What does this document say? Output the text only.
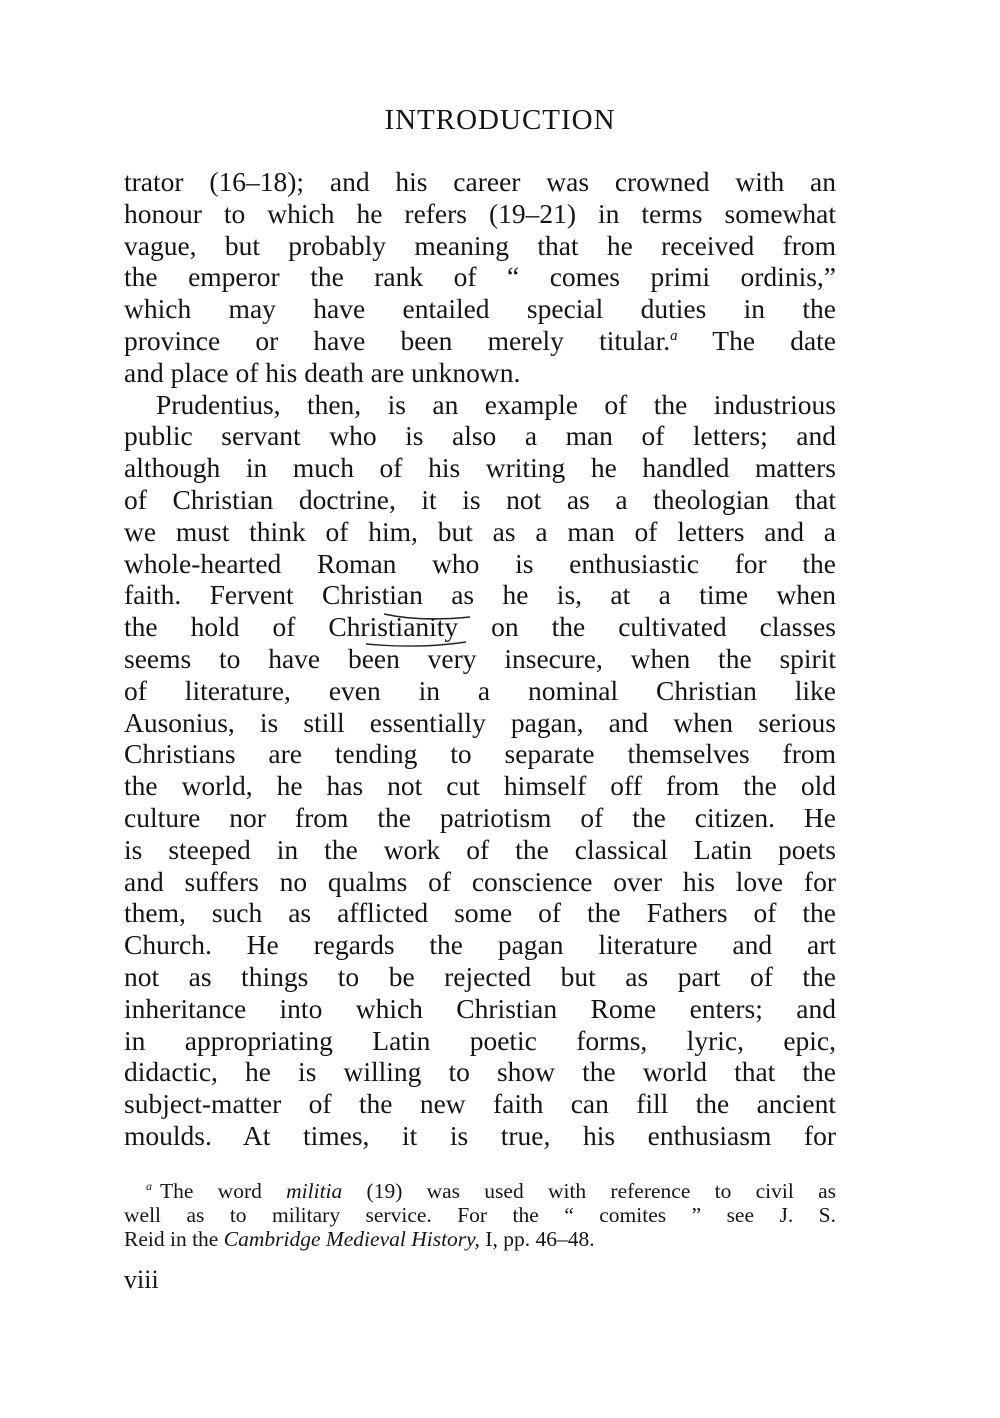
INTRODUCTION
trator (16–18); and his career was crowned with an
honour to which he refers (19–21) in terms somewhat
vague, but probably meaning that he received from
the emperor the rank of “ comes primi ordinis,”
which may have entailed special duties in the
province or have been merely titular.$^a$ The date
and place of his death are unknown.
Prudentius, then, is an example of the industrious
public servant who is also a man of letters; and
although in much of his writing he handled matters
of Christian doctrine, it is not as a theologian that
we must think of him, but as a man of letters and a
whole-hearted Roman who is enthusiastic for the
faith. Fervent Christian as he is, at a time when
the hold of Christianity on the cultivated classes
seems to have been very insecure, when the spirit
of literature, even in a nominal Christian like
Ausonius, is still essentially pagan, and when serious
Christians are tending to separate themselves from
the world, he has not cut himself off from the old
culture nor from the patriotism of the citizen. He
is steeped in the work of the classical Latin poets
and suffers no qualms of conscience over his love for
them, such as afflicted some of the Fathers of the
Church. He regards the pagan literature and art
not as things to be rejected but as part of the
inheritance into which Christian Rome enters; and
in appropriating Latin poetic forms, lyric, epic,
didactic, he is willing to show the world that the
subject-matter of the new faith can fill the ancient
moulds. At times, it is true, his enthusiasm for
$^a$ The word militia (19) was used with reference to civil as
well as to military service. For the “ comites ” see J. S.
Reid in the Cambridge Medieval History, I, pp. 46–48.
viii
